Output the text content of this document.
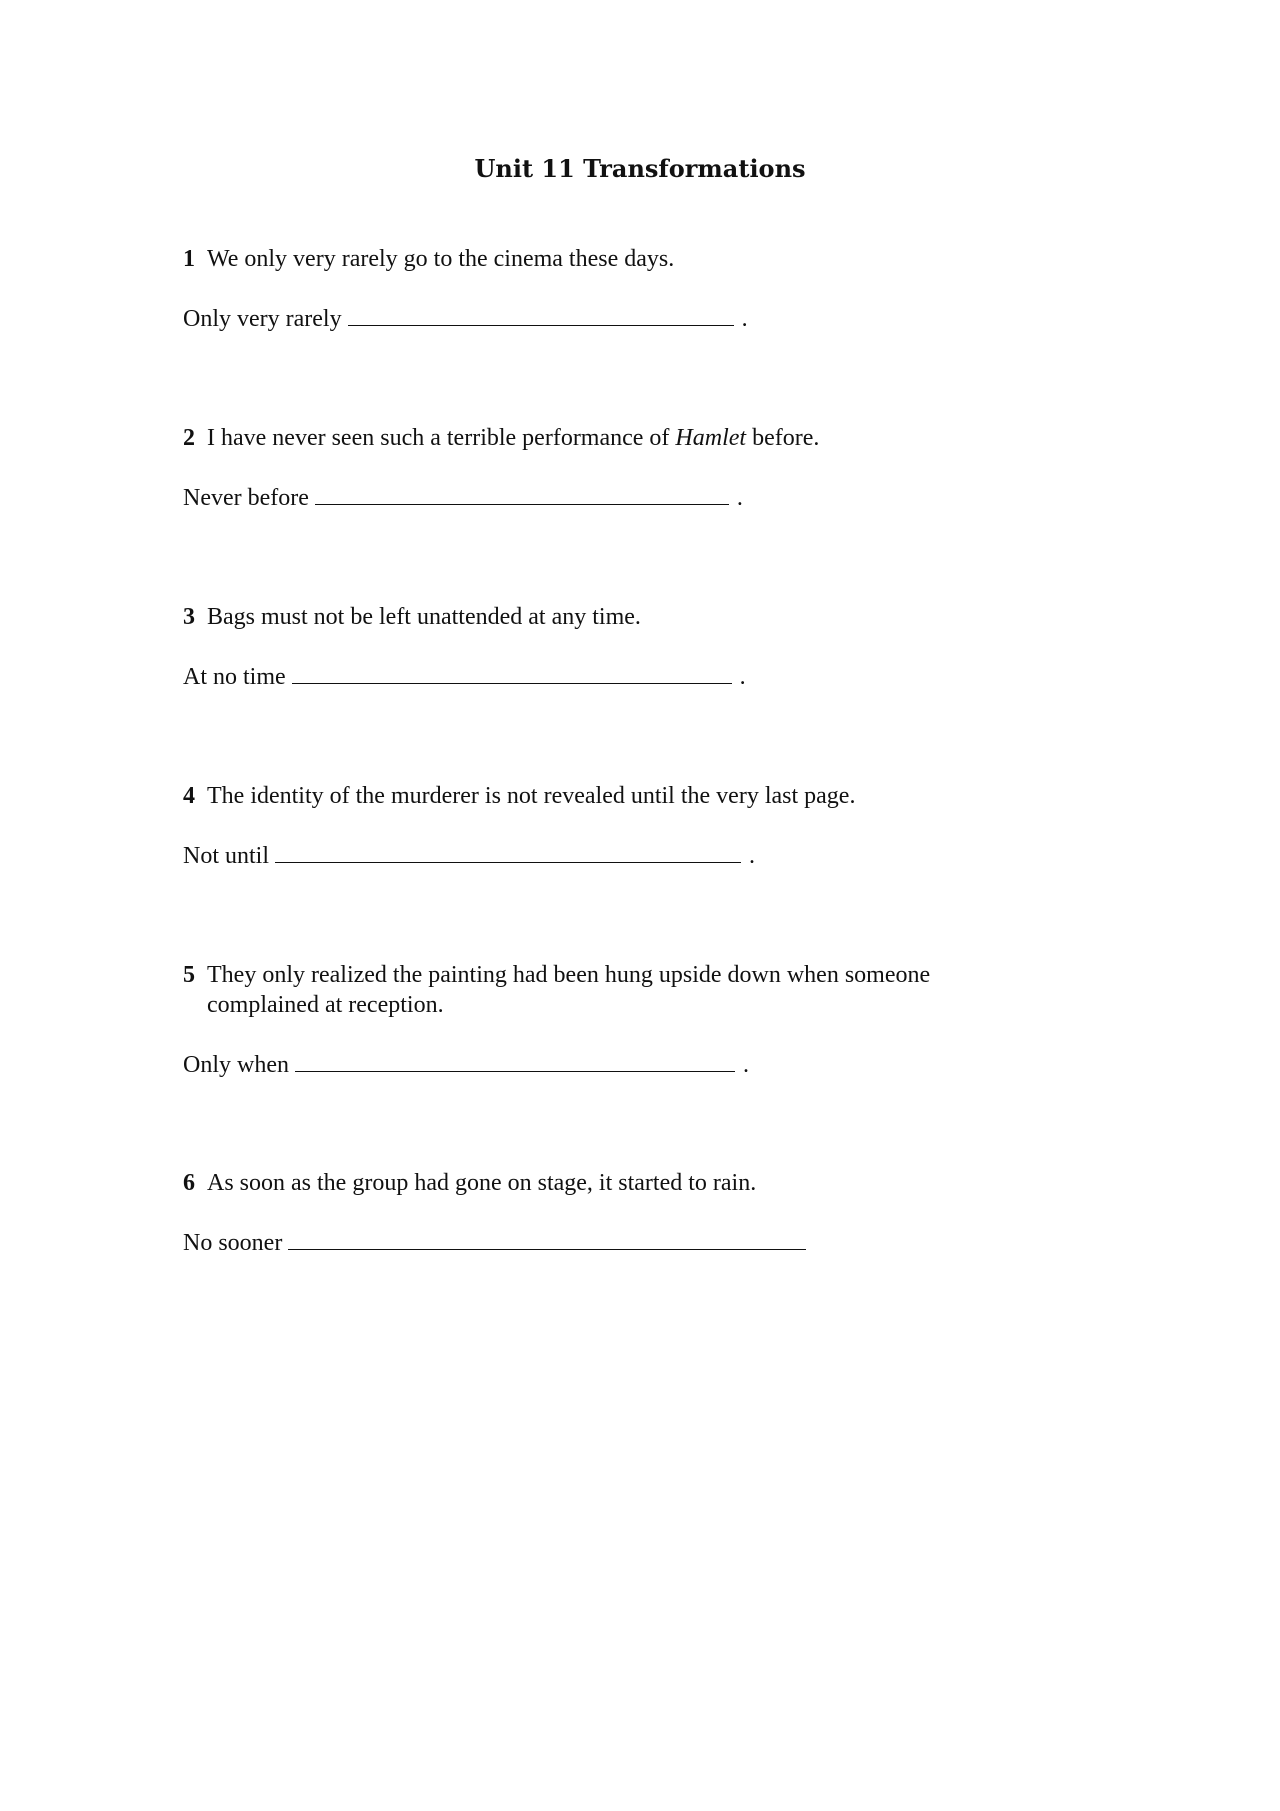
Unit 11 Transformations
1 We only very rarely go to the cinema these days.
Only very rarely	.
2 I have never seen such a terrible performance of Hamlet before.
Never before	.
3 Bags must not be left unattended at any time.
At no time	.
4 The identity of the murderer is not revealed until the very last page.
Not until	.
5 They only realized the painting had been hung upside down when someone complained at reception.
Only when	.
6 As soon as the group had gone on stage, it started to rain.
No sooner
